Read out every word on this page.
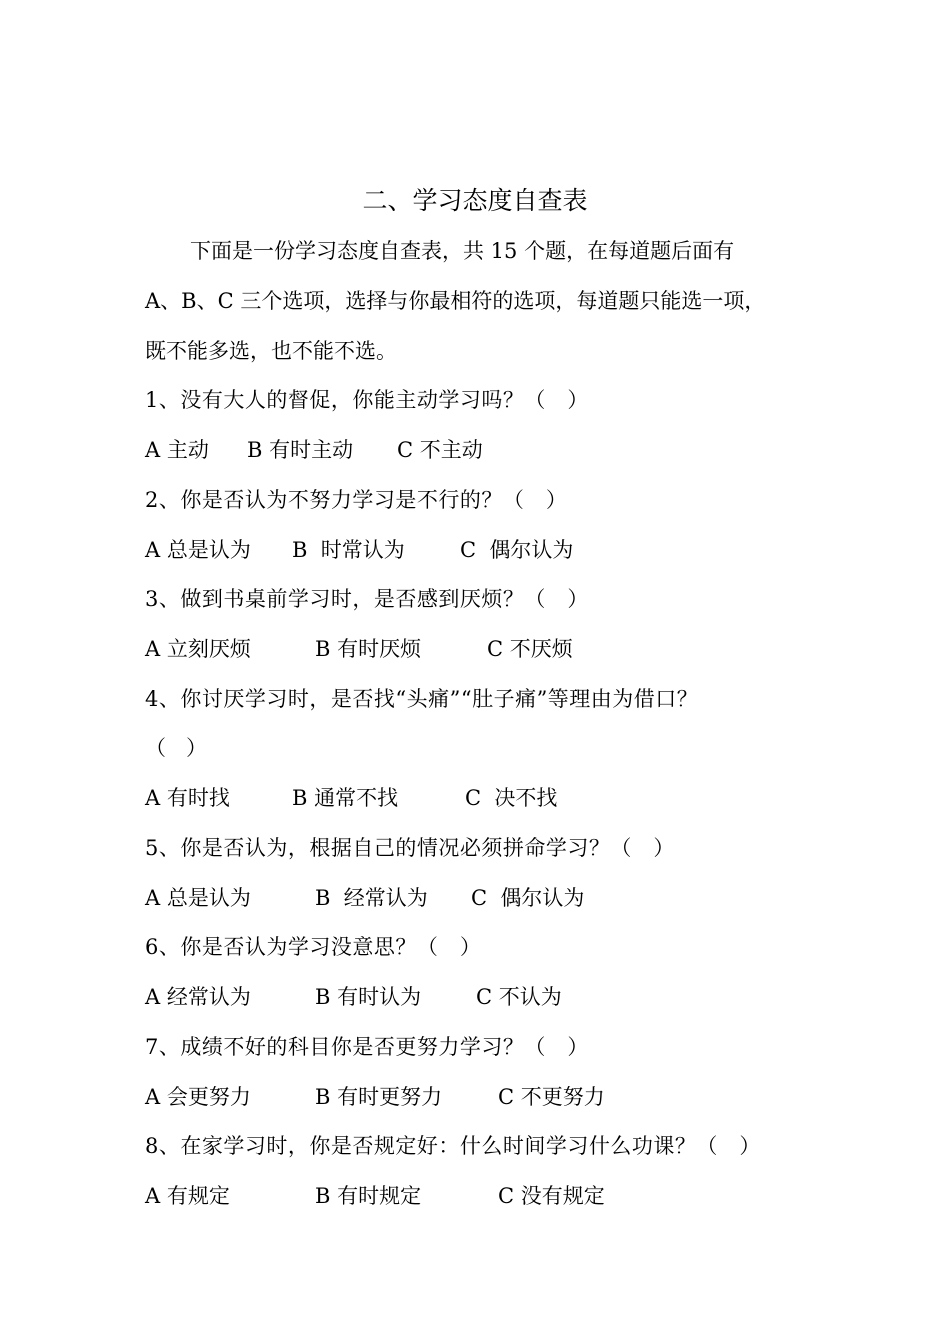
二、学习态度自查表
下面是一份学习态度自查表，共 15 个题，在每道题后面有
A、B、C 三个选项，选择与你最相符的选项，每道题只能选一项，
既不能多选，也不能不选。
1、没有大人的督促，你能主动学习吗？（   ）

A 主动

B 有时主动

C 不主动

2、你是否认为不努力学习是不行的？（   ）

A 总是认为

B  时常认为

	C  偶尔认为

3、做到书桌前学习时，是否感到厌烦？（   ）

A 立刻厌烦

	B 有时厌烦

	C 不厌烦

4、你讨厌学习时，是否找“头痛”“肚子痛”等理由为借口？
（   ）

A 有时找

	B 通常不找

	C  决不找

5、你是否认为，根据自己的情况必须拼命学习？（   ）

A 总是认为

	B  经常认为

C  偶尔认为

6、你是否认为学习没意思？（   ）

A 经常认为

	B 有时认为

	C 不认为

7、成绩不好的科目你是否更努力学习？（   ）

A 会更努力

	B 有时更努力

	C 不更努力

8、在家学习时，你是否规定好：什么时间学习什么功课？（   ）

A 有规定

	B 有时规定

	C 没有规定
